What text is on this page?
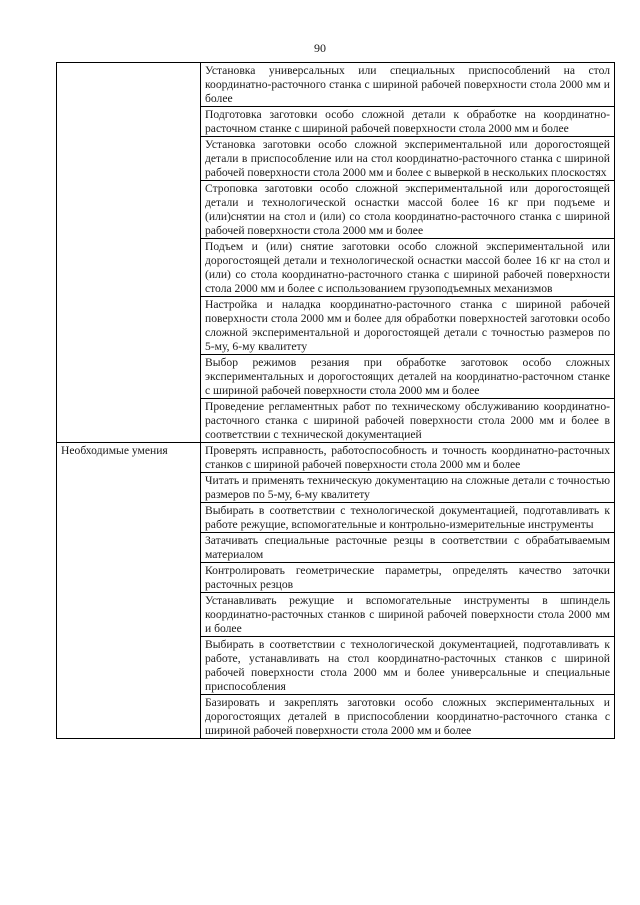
90
	Установка универсальных или специальных приспособлений на стол координатно-расточного станка с шириной рабочей поверхности стола 2000 мм и более
	Подготовка заготовки особо сложной детали к обработке на координатно-расточном станке с шириной рабочей поверхности стола 2000 мм и более
	Установка заготовки особо сложной экспериментальной или дорогостоящей детали в приспособление или на стол координатно-расточного станка с шириной рабочей поверхности стола 2000 мм и более с выверкой в нескольких плоскостях
	Строповка заготовки особо сложной экспериментальной или дорогостоящей детали и технологической оснастки массой более 16 кг при подъеме и (или)снятии на стол и (или) со стола координатно-расточного станка с шириной рабочей поверхности стола 2000 мм и более
	Подъем и (или) снятие заготовки особо сложной экспериментальной или дорогостоящей детали и технологической оснастки массой более 16 кг на стол и (или) со стола координатно-расточного станка с шириной рабочей поверхности стола 2000 мм и более с использованием грузоподъемных механизмов
	Настройка и наладка координатно-расточного станка с шириной рабочей поверхности стола 2000 мм и более для обработки поверхностей заготовки особо сложной экспериментальной и дорогостоящей детали с точностью размеров по 5-му, 6-му квалитету
	Выбор режимов резания при обработке заготовок особо сложных экспериментальных и дорогостоящих деталей на координатно-расточном станке с шириной рабочей поверхности стола 2000 мм и более
	Проведение регламентных работ по техническому обслуживанию координатно-расточного станка с шириной рабочей поверхности стола 2000 мм и более в соответствии с технической документацией
Необходимые умения	Проверять исправность, работоспособность и точность координатно-расточных станков с шириной рабочей поверхности стола 2000 мм и более
	Читать и применять техническую документацию на сложные детали с точностью размеров по 5-му, 6-му квалитету
	Выбирать в соответствии с технологической документацией, подготавливать к работе режущие, вспомогательные и контрольно-измерительные инструменты
	Затачивать специальные расточные резцы в соответствии с обрабатываемым материалом
	Контролировать геометрические параметры, определять качество заточки расточных резцов
	Устанавливать режущие и вспомогательные инструменты в шпиндель координатно-расточных станков с шириной рабочей поверхности стола 2000 мм и более
	Выбирать в соответствии с технологической документацией, подготавливать к работе, устанавливать на стол координатно-расточных станков с шириной рабочей поверхности стола 2000 мм и более универсальные и специальные приспособления
	Базировать и закреплять заготовки особо сложных экспериментальных и дорогостоящих деталей в приспособлении координатно-расточного станка с шириной рабочей поверхности стола 2000 мм и более
